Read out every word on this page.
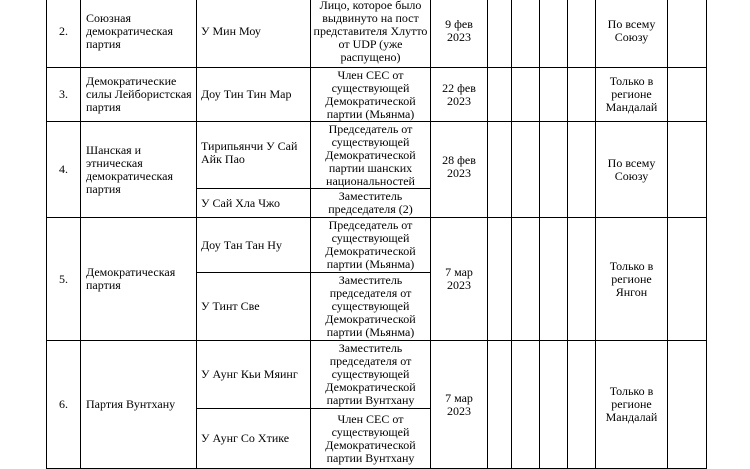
2.	Союзная демократическая партия	У Мин Моу	Лицо, которое было выдвинуто на пост представителя Хлутто от UDP (уже распущено)	9 фев 2023					По всему Союзу	
3.	Демократические силы Лейбористская партия	Доу Тин Тин Мар	Член СЕС от существующей Демократической партии (Мьянма)	22 фев 2023					Только в регионе Мандалай	
4.	Шанская и этническая демократическая партия	Тирипьянчи У Сай Айк Пао	Председатель от существующей Демократической партии шанских национальностей	28 фев 2023					По всему Союзу	
		У Сай Хла Чжо	Заместитель председателя (2)							
5.	Демократическая партия	Доу Тан Тан Ну	Председатель от существующей Демократической партии (Мьянма)	7 мар 2023					Только в регионе Янгон	
		У Тинт Све	Заместитель председателя от существующей Демократической партии (Мьянма)							
6.	Партия Вунтхану	У Аунг Кьи Мяинг	Заместитель председателя от существующей Демократической партии Вунтхану	7 мар 2023					Только в регионе Мандалай	
		У Аунг Со Хтике	Член СЕС от существующей Демократической партии Вунтхану							
